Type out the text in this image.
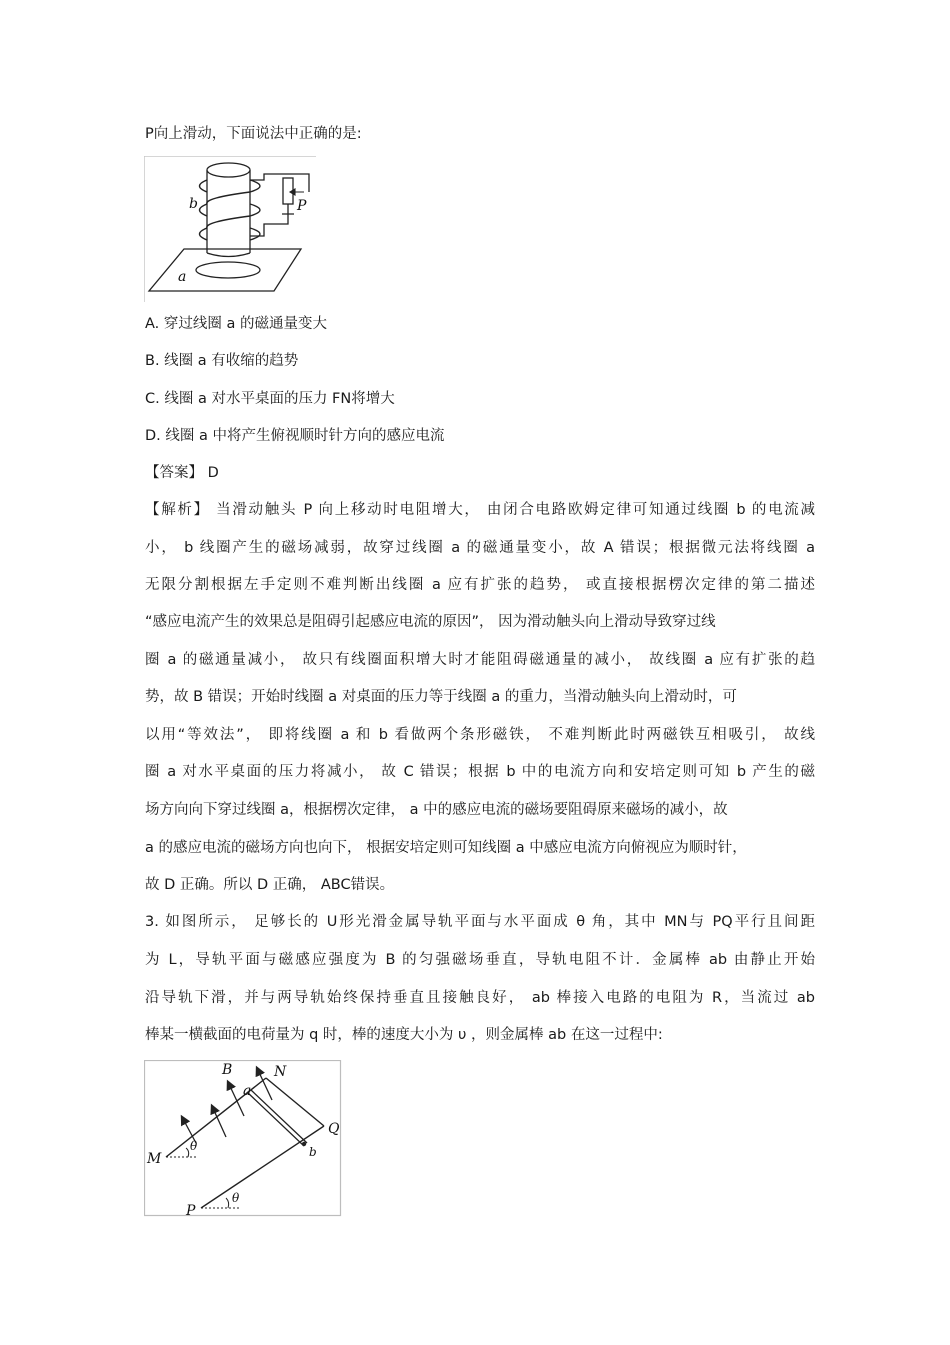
P向上滑动，下面说法中正确的是:
b	P
a
A. 穿过线圈 a 的磁通量变大
B. 线圈 a 有收缩的趋势
C. 线圈 a 对水平桌面的压力 FN将增大
D. 线圈 a 中将产生俯视顺时针方向的感应电流
【答案】 D
【解析】 当滑动触头 P 向上移动时电阻增大， 由闭合电路欧姆定律可知通过线圈 b 的电流减
小， b 线圈产生的磁场减弱，故穿过线圈 a 的磁通量变小，故 A 错误；根据微元法将线圈 a
无限分割根据左手定则不难判断出线圈 a 应有扩张的趋势， 或直接根据楞次定律的第二描述
“感应电流产生的效果总是阻碍引起感应电流的原因”， 因为滑动触头向上滑动导致穿过线
圈 a 的磁通量减小， 故只有线圈面积增大时才能阻碍磁通量的减小， 故线圈 a 应有扩张的趋
势，故 B 错误；开始时线圈 a 对桌面的压力等于线圈 a 的重力，当滑动触头向上滑动时，可
以用“等效法”， 即将线圈 a 和 b 看做两个条形磁铁， 不难判断此时两磁铁互相吸引， 故线
圈 a 对水平桌面的压力将减小， 故 C 错误；根据 b 中的电流方向和安培定则可知 b 产生的磁
场方向向下穿过线圈 a，根据楞次定律， a 中的感应电流的磁场要阻碍原来磁场的减小，故
a 的感应电流的磁场方向也向下， 根据安培定则可知线圈 a 中感应电流方向俯视应为顺时针，
故 D 正确。所以 D 正确， ABC错误。
3. 如图所示， 足够长的 U形光滑金属导轨平面与水平面成 θ 角，其中 MN与 PQ平行且间距
为 L，导轨平面与磁感应强度为 B 的匀强磁场垂直，导轨电阻不计．金属棒 ab 由静止开始
沿导轨下滑，并与两导轨始终保持垂直且接触良好， ab 棒接入电路的电阻为 R，当流过 ab
棒某一横截面的电荷量为 q 时，棒的速度大小为 υ ，则金属棒 ab 在这一过程中:
B	N
a
Q
M
θ	b
P
θ
